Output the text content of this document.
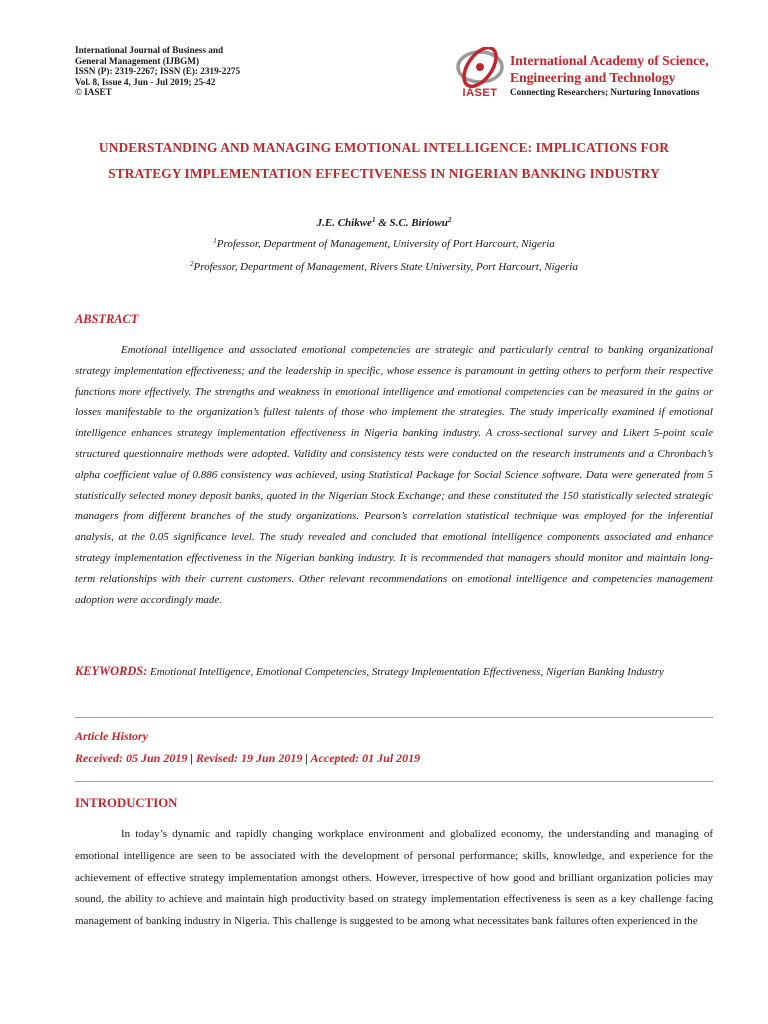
International Journal of Business and
General Management (IJBGM)
ISSN (P): 2319-2267; ISSN (E): 2319-2275
Vol. 8, Issue 4, Jun - Jul 2019; 25-42
© IASET	IASET
International Academy of Science,
Engineering and Technology
Connecting Researchers; Nurturing Innovations
UNDERSTANDING AND MANAGING EMOTIONAL INTELLIGENCE: IMPLICATIONS FOR STRATEGY IMPLEMENTATION EFFECTIVENESS IN NIGERIAN BANKING INDUSTRY
J.E. Chikwe$^1$ & S.C. Biriowu$^2$
$^1$Professor, Department of Management, University of Port Harcourt, Nigeria
$^2$Professor, Department of Management, Rivers State University, Port Harcourt, Nigeria
ABSTRACT
Emotional intelligence and associated emotional competencies are strategic and particularly central to banking organizational strategy implementation effectiveness; and the leadership in specific, whose essence is paramount in getting others to perform their respective functions more effectively. The strengths and weakness in emotional intelligence and emotional competencies can be measured in the gains or losses manifestable to the organization’s fullest talents of those who implement the strategies. The study imperically examined if emotional intelligence enhances strategy implementation effectiveness in Nigeria banking industry. A cross-sectional survey and Likert 5-point scale structured questionnaire methods were adopted. Validity and consistency tests were conducted on the research instruments and a Chronbach’s alpha coefficient value of 0.886 consistency was achieved, using Statistical Package for Social Science software. Data were generated from 5 statistically selected money deposit banks, quoted in the Nigerian Stock Exchange; and these constituted the 150 statistically selected strategic managers from different branches of the study organizations. Pearson’s correlation statistical technique was employed for the inferential analysis, at the 0.05 significance level. The study revealed and concluded that emotional intelligence components associated and enhance strategy implementation effectiveness in the Nigerian banking industry. It is recommended that managers should monitor and maintain long-term relationships with their current customers. Other relevant recommendations on emotional intelligence and competencies management adoption were accordingly made.
KEYWORDS: Emotional Intelligence, Emotional Competencies, Strategy Implementation Effectiveness, Nigerian Banking Industry
Article History
Received: 05 Jun 2019 | Revised: 19 Jun 2019 | Accepted: 01 Jul 2019
INTRODUCTION
In today’s dynamic and rapidly changing workplace environment and globalized economy, the understanding and managing of emotional intelligence are seen to be associated with the development of personal performance; skills, knowledge, and experience for the achievement of effective strategy implementation amongst others. However, irrespective of how good and brilliant organization policies may sound, the ability to achieve and maintain high productivity based on strategy implementation effectiveness is seen as a key challenge facing management of banking industry in Nigeria. This challenge is suggested to be among what necessitates bank failures often experienced in the
